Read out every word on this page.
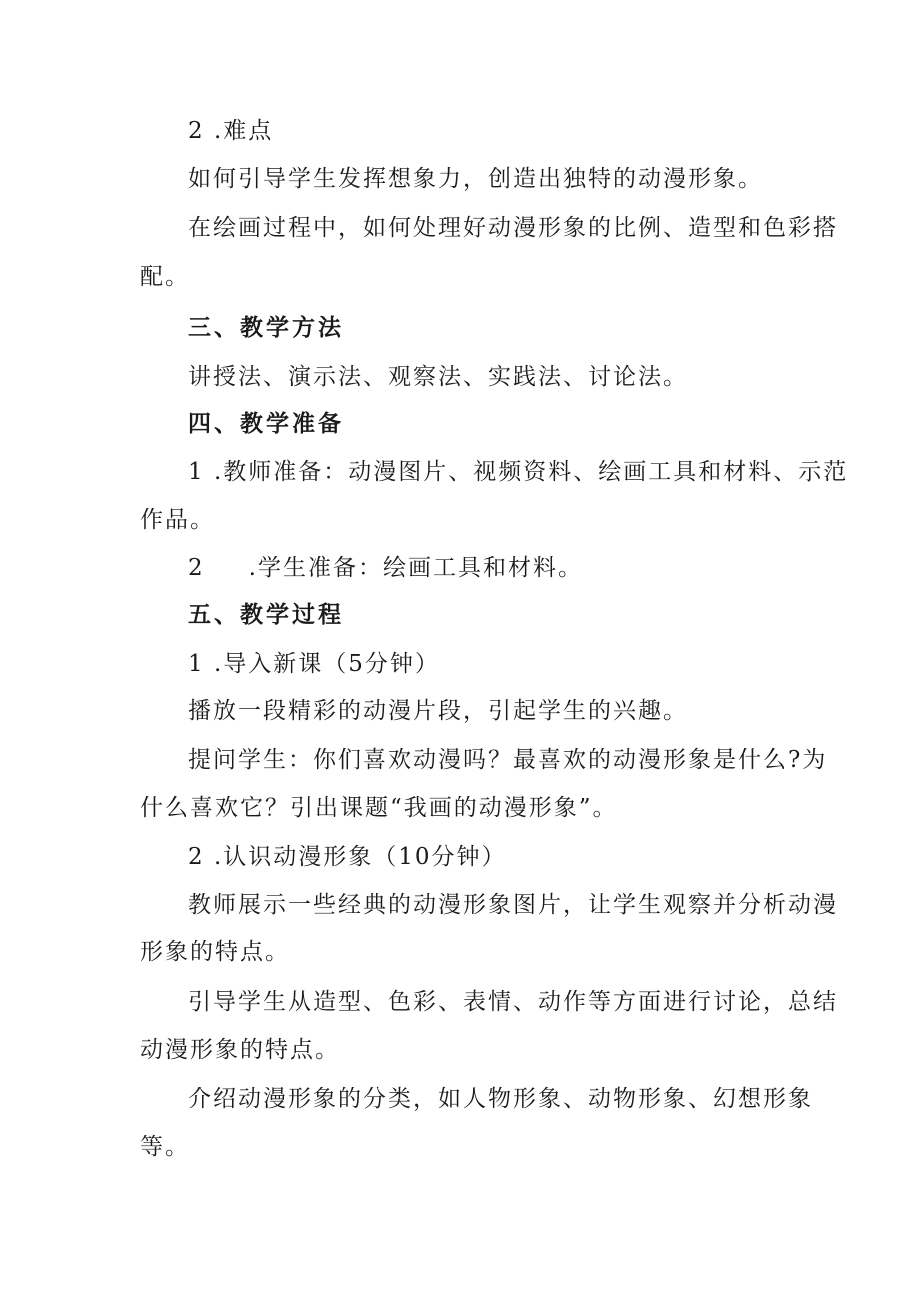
2 .难点
如何引导学生发挥想象力，创造出独特的动漫形象。
在绘画过程中，如何处理好动漫形象的比例、造型和色彩搭
配。
三、教学方法
讲授法、演示法、观察法、实践法、讨论法。
四、教学准备
1 .教师准备：动漫图片、视频资料、绘画工具和材料、示范
作品。
2 .学生准备：绘画工具和材料。
五、教学过程
1 .导入新课（5分钟）
播放一段精彩的动漫片段，引起学生的兴趣。
提问学生：你们喜欢动漫吗？最喜欢的动漫形象是什么?为
什么喜欢它？引出课题“我画的动漫形象”。
2 .认识动漫形象（10分钟）
教师展示一些经典的动漫形象图片，让学生观察并分析动漫
形象的特点。
引导学生从造型、色彩、表情、动作等方面进行讨论，总结
动漫形象的特点。
介绍动漫形象的分类，如人物形象、动物形象、幻想形象
等。
